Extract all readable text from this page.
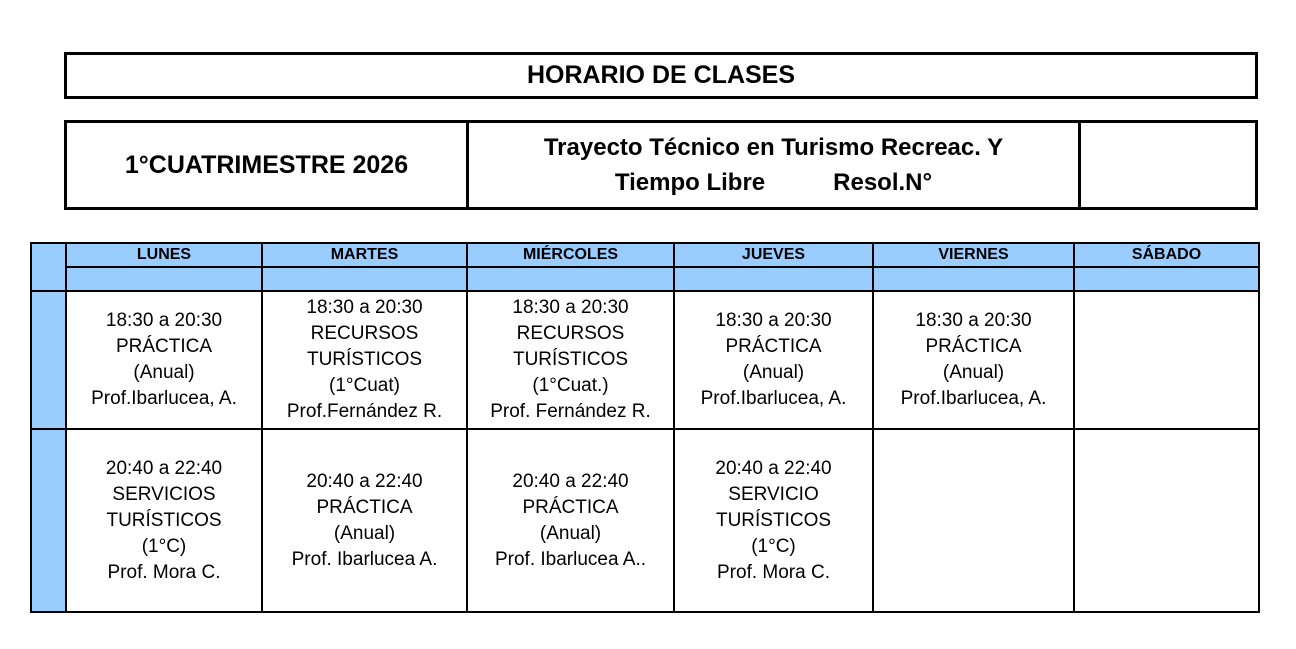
HORARIO DE CLASES
1°CUATRIMESTRE 2026
Trayecto Técnico en Turismo Recreac. Y
Tiempo Libre	Resol.N°
	LUNES	MARTES	MIÉRCOLES	JUEVES	VIERNES	SÁBADO

	18:30 a 20:30
PRÁCTICA
(Anual)
Prof.Ibarlucea, A.	18:30 a 20:30
RECURSOS
TURÍSTICOS
(1°Cuat)
Prof.Fernández R.	18:30 a 20:30
RECURSOS
TURÍSTICOS
(1°Cuat.)
Prof. Fernández R.	18:30 a 20:30
PRÁCTICA
(Anual)
Prof.Ibarlucea, A.	18:30 a 20:30
PRÁCTICA
(Anual)
Prof.Ibarlucea, A.	

	20:40 a 22:40
SERVICIOS
TURÍSTICOS
(1°C)
Prof. Mora C.	20:40 a 22:40
PRÁCTICA
(Anual)
Prof. Ibarlucea A.	20:40 a 22:40
PRÁCTICA
(Anual)
Prof. Ibarlucea A..	20:40 a 22:40
SERVICIO
TURÍSTICOS
(1°C)
Prof. Mora C.		
